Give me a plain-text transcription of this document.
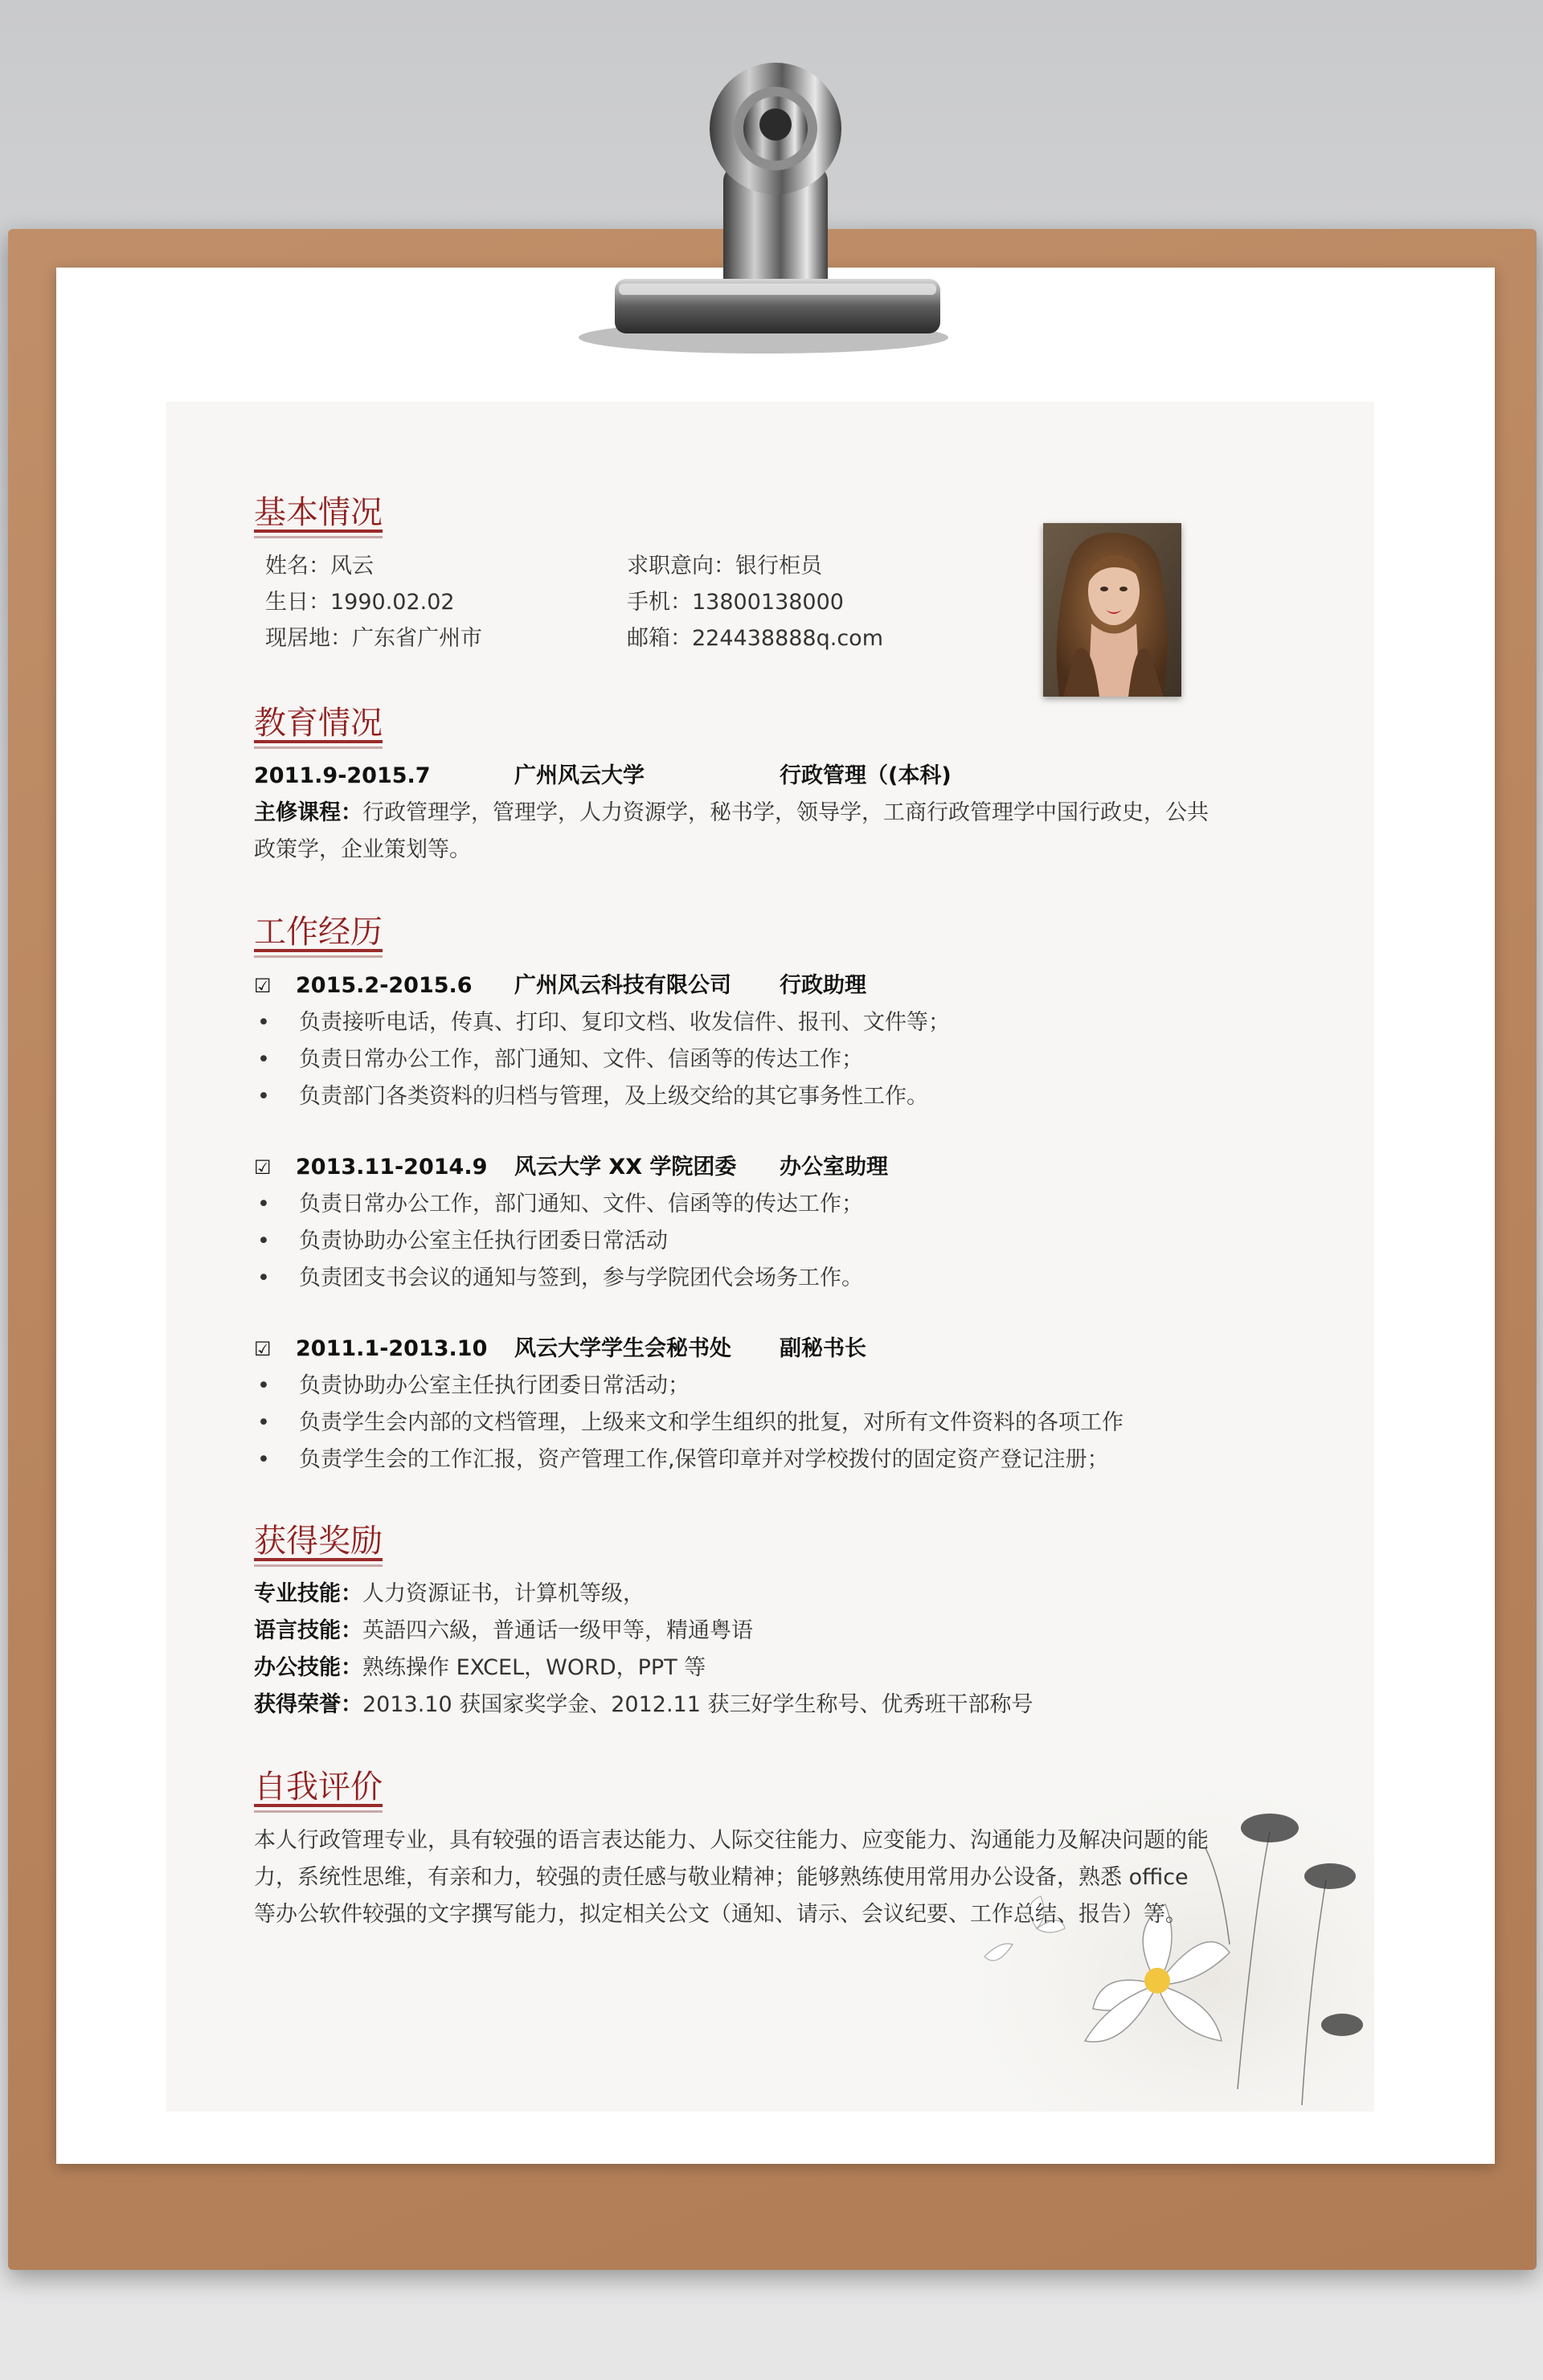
基本情况
姓名：风云
生日：1990.02.02
现居地：广东省广州市
求职意向：银行柜员
手机：13800138000
邮箱：224438888q.com
教育情况
2011.9-2015.7	广州风云大学	行政管理（(本科)
主修课程：行政管理学，管理学，人力资源学，秘书学，领导学，工商行政管理学中国行政史，公共
政策学，企业策划等。
工作经历
☑ 2015.2-2015.6 广州风云科技有限公司 行政助理
• 负责接听电话，传真、打印、复印文档、收发信件、报刊、文件等；
• 负责日常办公工作，部门通知、文件、信函等的传达工作；
• 负责部门各类资料的归档与管理，及上级交给的其它事务性工作。
☑ 2013.11-2014.9 风云大学 XX 学院团委 办公室助理
• 负责日常办公工作，部门通知、文件、信函等的传达工作；
• 负责协助办公室主任执行团委日常活动
• 负责团支书会议的通知与签到，参与学院团代会场务工作。
☑ 2011.1-2013.10 风云大学学生会秘书处 副秘书长
• 负责协助办公室主任执行团委日常活动；
• 负责学生会内部的文档管理，上级来文和学生组织的批复，对所有文件资料的各项工作
• 负责学生会的工作汇报，资产管理工作,保管印章并对学校拨付的固定资产登记注册；
获得奖励
专业技能：人力资源证书，计算机等级，
语言技能：英語四六級，普通话一级甲等，精通粤语
办公技能：熟练操作 EXCEL，WORD，PPT 等
获得荣誉：2013.10 获国家奖学金、2012.11 获三好学生称号、优秀班干部称号
自我评价
本人行政管理专业，具有较强的语言表达能力、人际交往能力、应变能力、沟通能力及解决问题的能
力，系统性思维，有亲和力，较强的责任感与敬业精神；能够熟练使用常用办公设备，熟悉 office
等办公软件较强的文字撰写能力，拟定相关公文（通知、请示、会议纪要、工作总结、报告）等。
